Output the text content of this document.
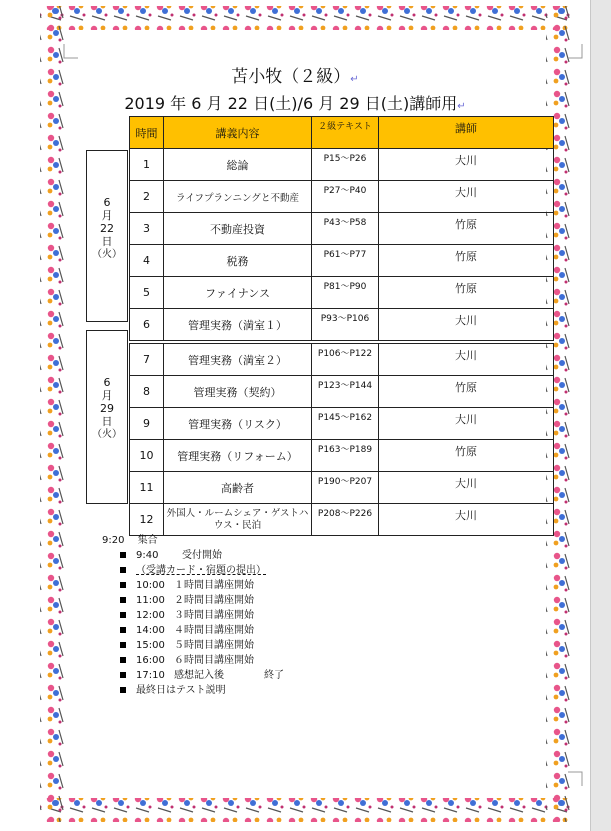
苫小牧（２級）↵
2019 年 6 月 22 日(土)/6 月 29 日(土)講師用↵
6
月
22
日
（火）
6
月
29
日
（火）
時間	講義内容	２級テキスト	講師
1	総論	P15～P26	大川
2	ライフプランニングと不動産	P27～P40	大川
3	不動産投資	P43～P58	竹原
4	税務	P61～P77	竹原
5	ファイナンス	P81～P90	竹原
6	管理実務（満室１）	P93～P106	大川
7	管理実務（満室２）	P106～P122	大川
8	管理実務（契約）	P123～P144	竹原
9	管理実務（リスク）	P145～P162	大川
10	管理実務（リフォーム）	P163～P189	竹原
11	高齢者	P190～P207	大川
12	外国人・ルームシェア・ゲストハウス・民泊	P208～P226	大川
9:20　 集合
9:40 受付開始
（受講カード・宿題の提出）
10:00 １時間目講座開始
11:00 ２時間目講座開始
12:00 ３時間目講座開始
14:00 ４時間目講座開始
15:00 ５時間目講座開始
16:00 ６時間目講座開始
17:10 感想記入後　　　　終了
最終日はテスト説明
